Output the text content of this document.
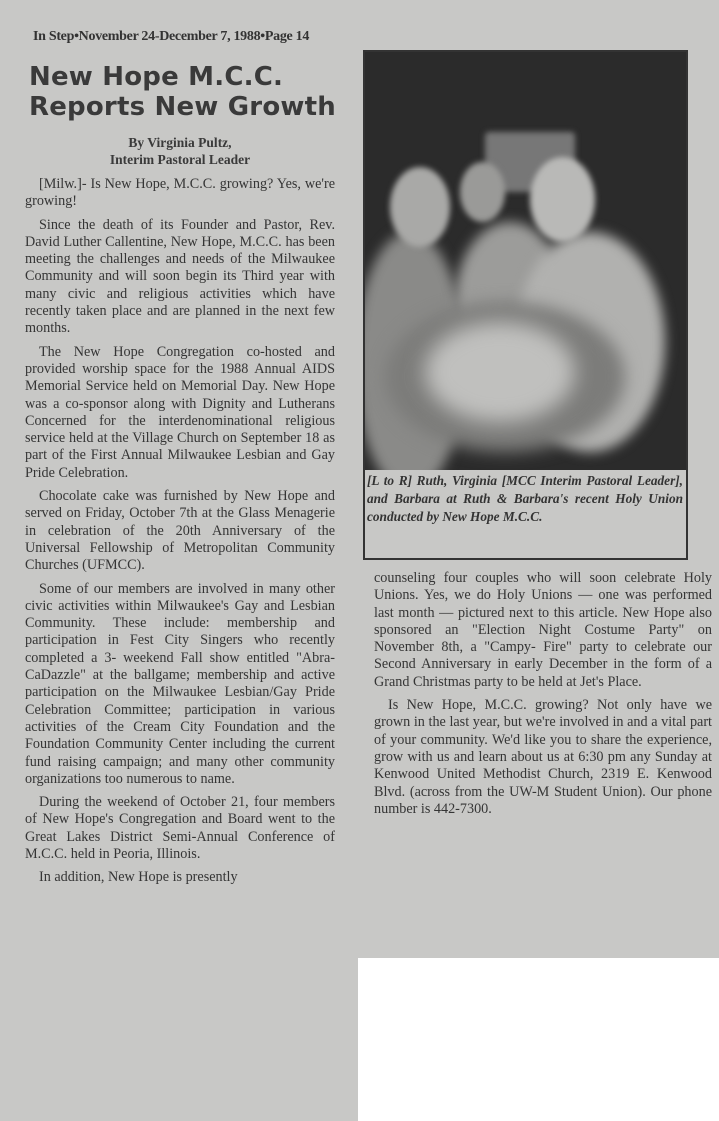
In Step•November 24-December 7, 1988•Page 14
New Hope M.C.C. Reports New Growth
By Virginia Pultz,
Interim Pastoral Leader

[Milw.]- Is New Hope, M.C.C. growing? Yes, we're growing!

Since the death of its Founder and Pastor, Rev. David Luther Callentine, New Hope, M.C.C. has been meeting the challenges and needs of the Milwaukee Community and will soon begin its Third year with many civic and religious activities which have recently taken place and are planned in the next few months.

The New Hope Congregation co-hosted and provided worship space for the 1988 Annual AIDS Memorial Service held on Memorial Day. New Hope was a co-sponsor along with Dignity and Lutherans Concerned for the interdenominational religious service held at the Village Church on September 18 as part of the First Annual Milwaukee Lesbian and Gay Pride Celebration.

Chocolate cake was furnished by New Hope and served on Friday, October 7th at the Glass Menagerie in celebration of the 20th Anniversary of the Universal Fellowship of Metropolitan Community Churches (UFMCC).

Some of our members are involved in many other civic activities within Milwaukee's Gay and Lesbian Community. These include: membership and participation in Fest City Singers who recently completed a 3- weekend Fall show entitled "Abra-CaDazzle" at the ballgame; membership and active participation on the Milwaukee Lesbian/Gay Pride Celebration Committee; participation in various activities of the Cream City Foundation and the Foundation Community Center including the current fund raising campaign; and many other community organizations too numerous to name.

During the weekend of October 21, four members of New Hope's Congregation and Board went to the Great Lakes District Semi-Annual Conference of M.C.C. held in Peoria, Illinois.

In addition, New Hope is presently

[L to R] Ruth, Virginia [MCC Interim Pastoral Leader], and Barbara at Ruth & Barbara's recent Holy Union conducted by New Hope M.C.C.

counseling four couples who will soon celebrate Holy Unions. Yes, we do Holy Unions — one was performed last month — pictured next to this article. New Hope also sponsored an "Election Night Costume Party" on November 8th, a "Campy- Fire" party to celebrate our Second Anniversary in early December in the form of a Grand Christmas party to be held at Jet's Place.

Is New Hope, M.C.C. growing? Not only have we grown in the last year, but we're involved in and a vital part of your community. We'd like you to share the experience, grow with us and learn about us at 6:30 pm any Sunday at Kenwood United Methodist Church, 2319 E. Kenwood Blvd. (across from the UW-M Student Union). Our phone number is 442-7300.
